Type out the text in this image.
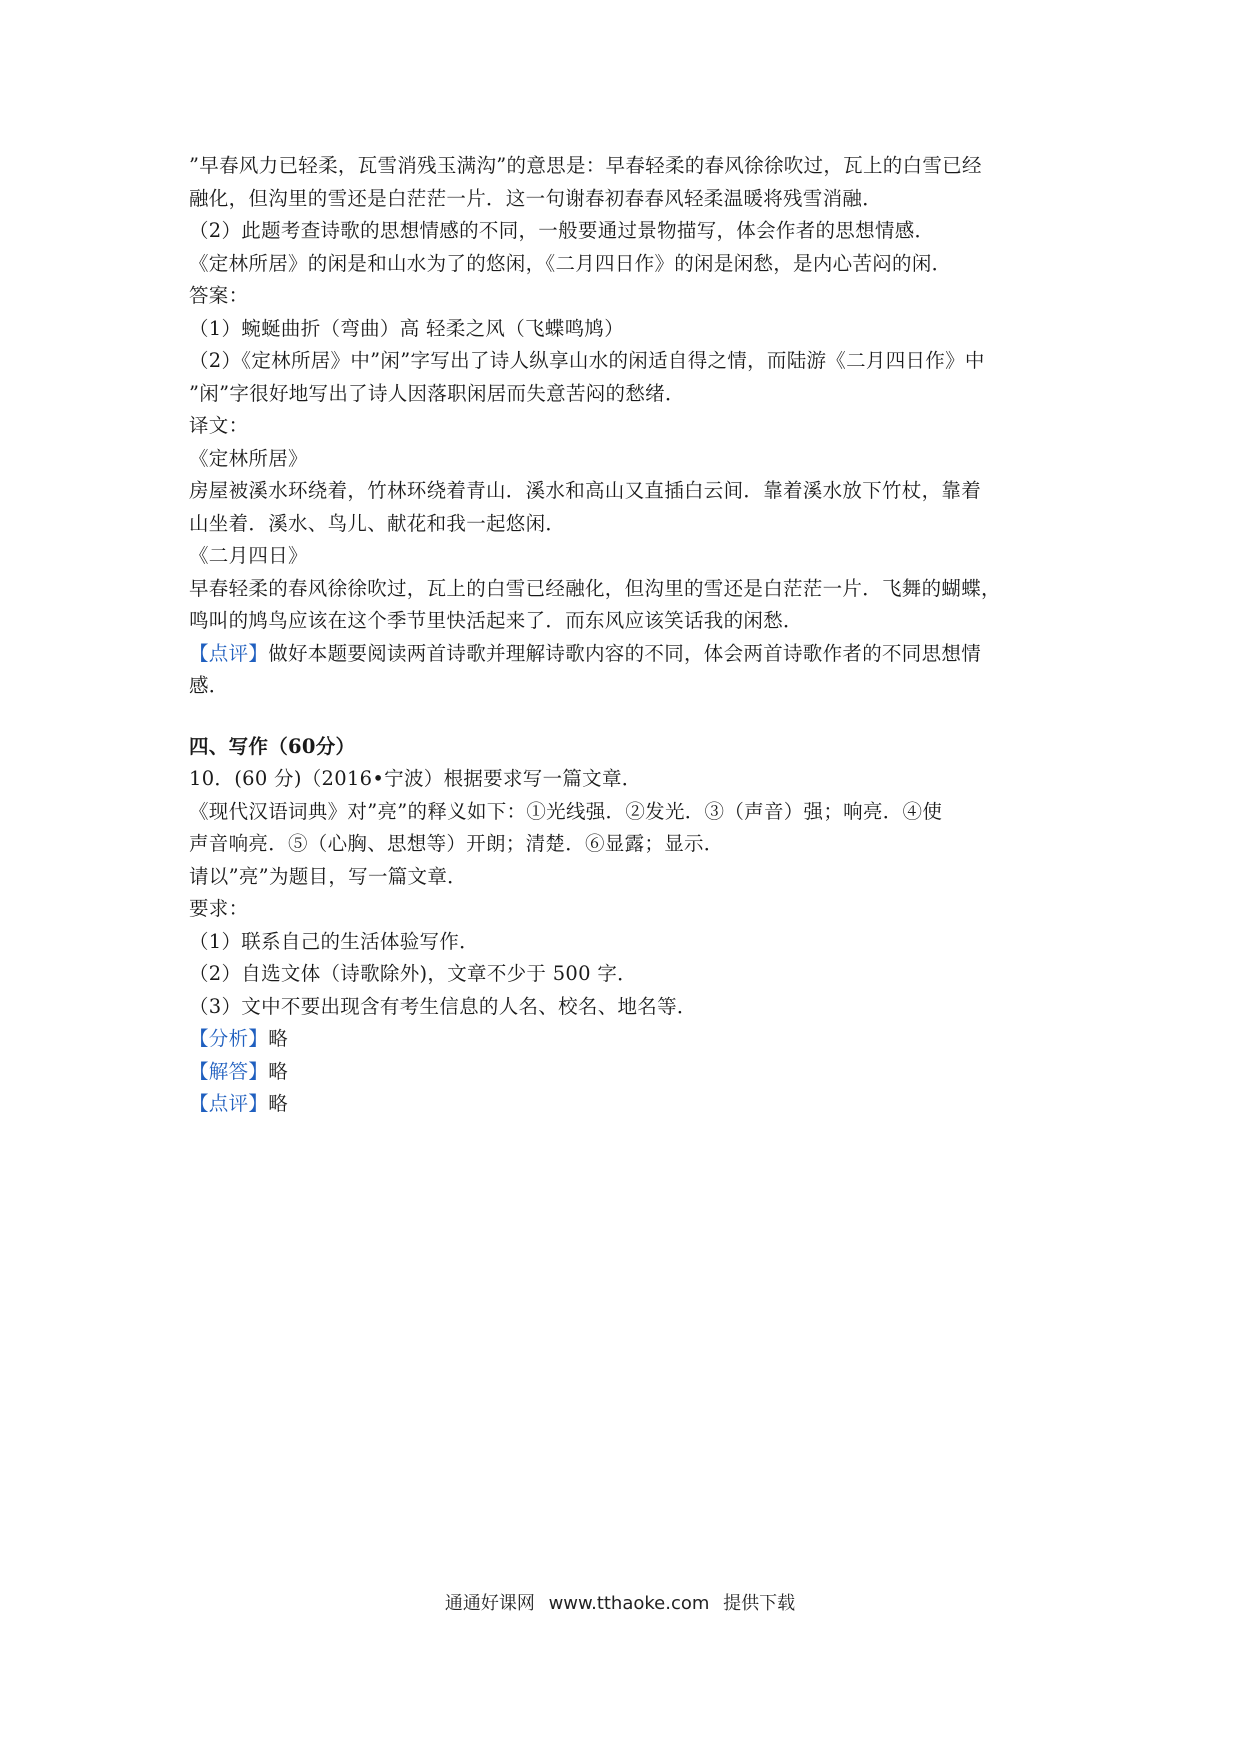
”早春风力已轻柔，瓦雪消残玉满沟”的意思是：早春轻柔的春风徐徐吹过，瓦上的白雪已经
融化，但沟里的雪还是白茫茫一片．这一句谢春初春春风轻柔温暖将残雪消融．
（2）此题考查诗歌的思想情感的不同，一般要通过景物描写，体会作者的思想情感．
《定林所居》的闲是和山水为了的悠闲，《二月四日作》的闲是闲愁，是内心苦闷的闲．
答案：
（1）蜿蜒曲折（弯曲）高 轻柔之风（飞蝶鸣鸠）
（2）《定林所居》中”闲”字写出了诗人纵享山水的闲适自得之情，而陆游《二月四日作》中
”闲”字很好地写出了诗人因落职闲居而失意苦闷的愁绪．
译文：
《定林所居》
房屋被溪水环绕着，竹林环绕着青山．溪水和高山又直插白云间．靠着溪水放下竹杖，靠着
山坐着．溪水、鸟儿、献花和我一起悠闲．
《二月四日》
早春轻柔的春风徐徐吹过，瓦上的白雪已经融化，但沟里的雪还是白茫茫一片．飞舞的蝴蝶，
鸣叫的鸠鸟应该在这个季节里快活起来了．而东风应该笑话我的闲愁．
【点评】做好本题要阅读两首诗歌并理解诗歌内容的不同，体会两首诗歌作者的不同思想情
感．
四、写作（60分）
10．(60 分)（2016•宁波）根据要求写一篇文章．
《现代汉语词典》对”亮”的释义如下：①光线强．②发光．③（声音）强；响亮．④使
声音响亮．⑤（心胸、思想等）开朗；清楚．⑥显露；显示．
请以”亮”为题目，写一篇文章．
要求：
（1）联系自己的生活体验写作．
（2）自选文体（诗歌除外)，文章不少于 500 字．
（3）文中不要出现含有考生信息的人名、校名、地名等．
【分析】略
【解答】略
【点评】略
通通好课网 www.tthaoke.com 提供下载
